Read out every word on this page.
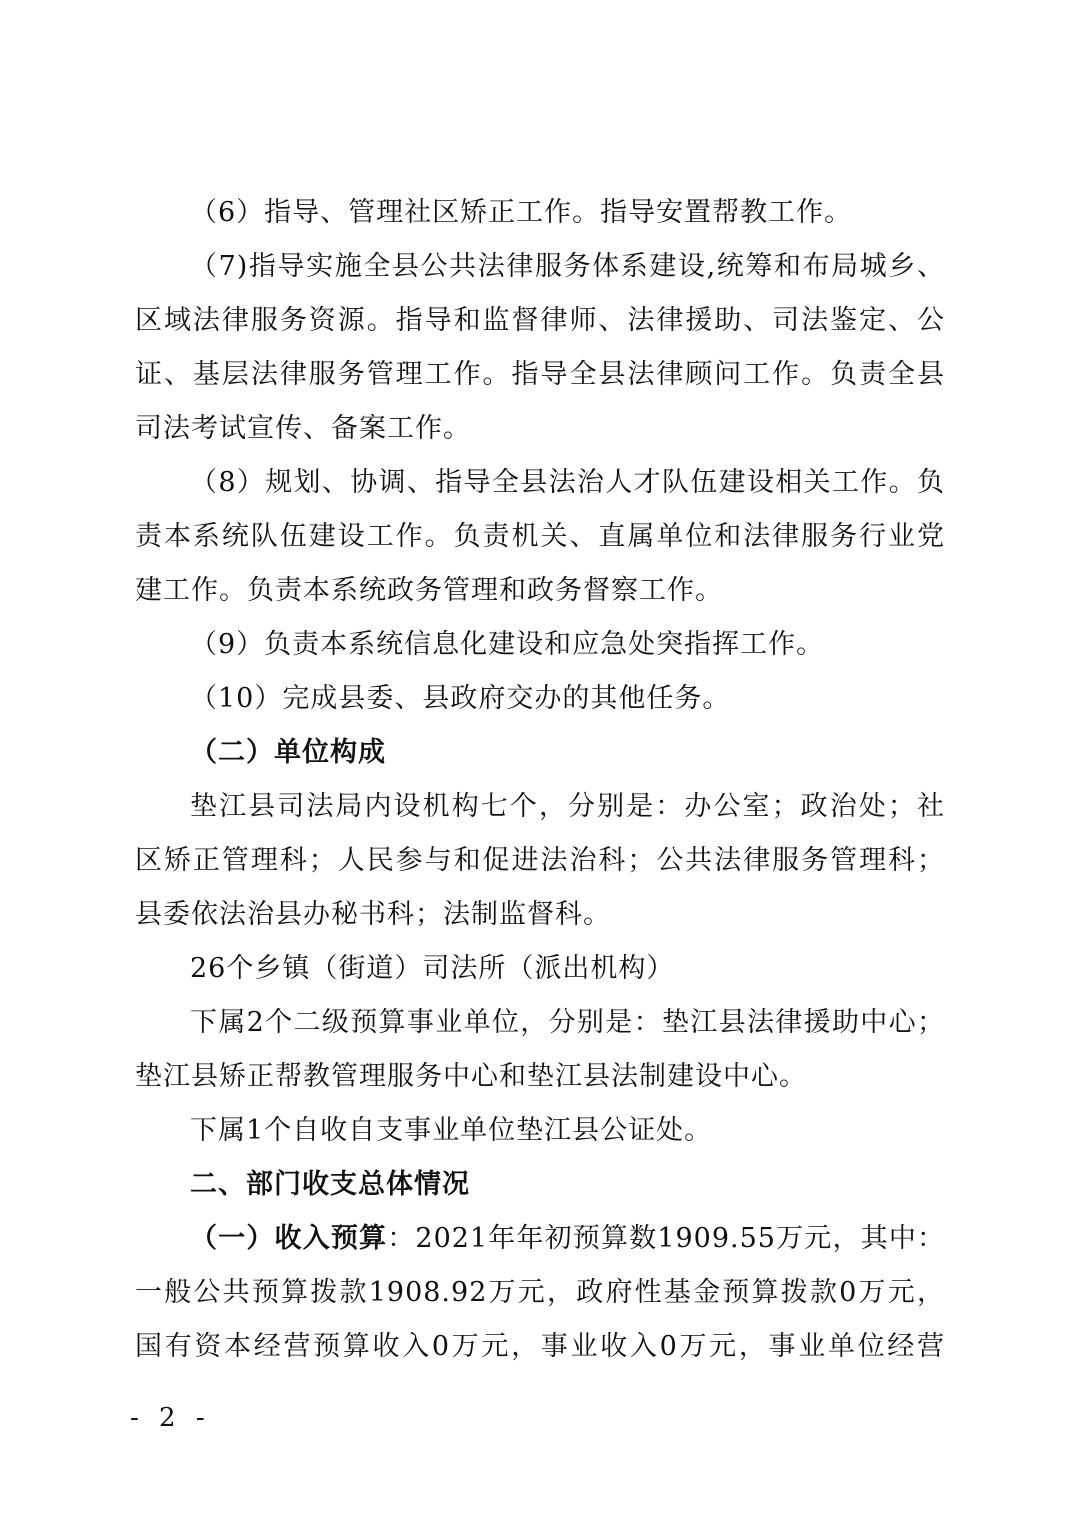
（6）指导、管理社区矫正工作。指导安置帮教工作。
（7)指导实施全县公共法律服务体系建设,统筹和布局城乡、
区域法律服务资源。指导和监督律师、法律援助、司法鉴定、公
证、基层法律服务管理工作。指导全县法律顾问工作。负责全县
司法考试宣传、备案工作。
（8）规划、协调、指导全县法治人才队伍建设相关工作。负
责本系统队伍建设工作。负责机关、直属单位和法律服务行业党
建工作。负责本系统政务管理和政务督察工作。
（9）负责本系统信息化建设和应急处突指挥工作。
（10）完成县委、县政府交办的其他任务。
（二）单位构成
垫江县司法局内设机构七个，分别是：办公室；政治处；社
区矫正管理科；人民参与和促进法治科；公共法律服务管理科；
县委依法治县办秘书科；法制监督科。
26个乡镇（街道）司法所（派出机构）
下属2个二级预算事业单位，分别是：垫江县法律援助中心；
垫江县矫正帮教管理服务中心和垫江县法制建设中心。
下属1个自收自支事业单位垫江县公证处。
二、部门收支总体情况
（一）收入预算：2021年年初预算数1909.55万元，其中：
一般公共预算拨款1908.92万元，政府性基金预算拨款0万元，
国有资本经营预算收入0万元，事业收入0万元，事业单位经营
- 2 -
